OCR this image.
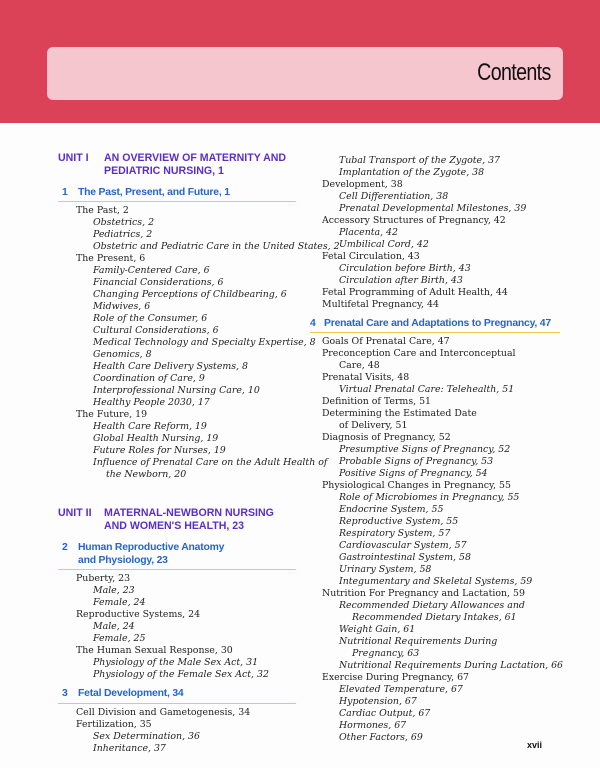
Contents
UNIT I	AN OVERVIEW OF MATERNITY AND PEDIATRIC NURSING, 1
1	The Past, Present, and Future, 1
The Past, 2
Obstetrics, 2
Pediatrics, 2
Obstetric and Pediatric Care in the United States, 2
The Present, 6
Family-Centered Care, 6
Financial Considerations, 6
Changing Perceptions of Childbearing, 6
Midwives, 6
Role of the Consumer, 6
Cultural Considerations, 6
Medical Technology and Specialty Expertise, 8
Genomics, 8
Health Care Delivery Systems, 8
Coordination of Care, 9
Interprofessional Nursing Care, 10
Healthy People 2030, 17
The Future, 19
Health Care Reform, 19
Global Health Nursing, 19
Future Roles for Nurses, 19
Influence of Prenatal Care on the Adult Health of
the Newborn, 20
UNIT II	MATERNAL-NEWBORN NURSING AND WOMEN'S HEALTH, 23
2	Human Reproductive Anatomy and Physiology, 23
Puberty, 23
Male, 23
Female, 24
Reproductive Systems, 24
Male, 24
Female, 25
The Human Sexual Response, 30
Physiology of the Male Sex Act, 31
Physiology of the Female Sex Act, 32
3	Fetal Development, 34
Cell Division and Gametogenesis, 34
Fertilization, 35
Sex Determination, 36
Inheritance, 37
Tubal Transport of the Zygote, 37
Implantation of the Zygote, 38
Development, 38
Cell Differentiation, 38
Prenatal Developmental Milestones, 39
Accessory Structures of Pregnancy, 42
Placenta, 42
Umbilical Cord, 42
Fetal Circulation, 43
Circulation before Birth, 43
Circulation after Birth, 43
Fetal Programming of Adult Health, 44
Multifetal Pregnancy, 44
4 Prenatal Care and Adaptations to Pregnancy, 47
Goals Of Prenatal Care, 47
Preconception Care and Interconceptual
Care, 48
Prenatal Visits, 48
Virtual Prenatal Care: Telehealth, 51
Definition of Terms, 51
Determining the Estimated Date
of Delivery, 51
Diagnosis of Pregnancy, 52
Presumptive Signs of Pregnancy, 52
Probable Signs of Pregnancy, 53
Positive Signs of Pregnancy, 54
Physiological Changes in Pregnancy, 55
Role of Microbiomes in Pregnancy, 55
Endocrine System, 55
Reproductive System, 55
Respiratory System, 57
Cardiovascular System, 57
Gastrointestinal System, 58
Urinary System, 58
Integumentary and Skeletal Systems, 59
Nutrition For Pregnancy and Lactation, 59
Recommended Dietary Allowances and
Recommended Dietary Intakes, 61
Weight Gain, 61
Nutritional Requirements During
Pregnancy, 63
Nutritional Requirements During Lactation, 66
Exercise During Pregnancy, 67
Elevated Temperature, 67
Hypotension, 67
Cardiac Output, 67
Hormones, 67
Other Factors, 69
xvii
